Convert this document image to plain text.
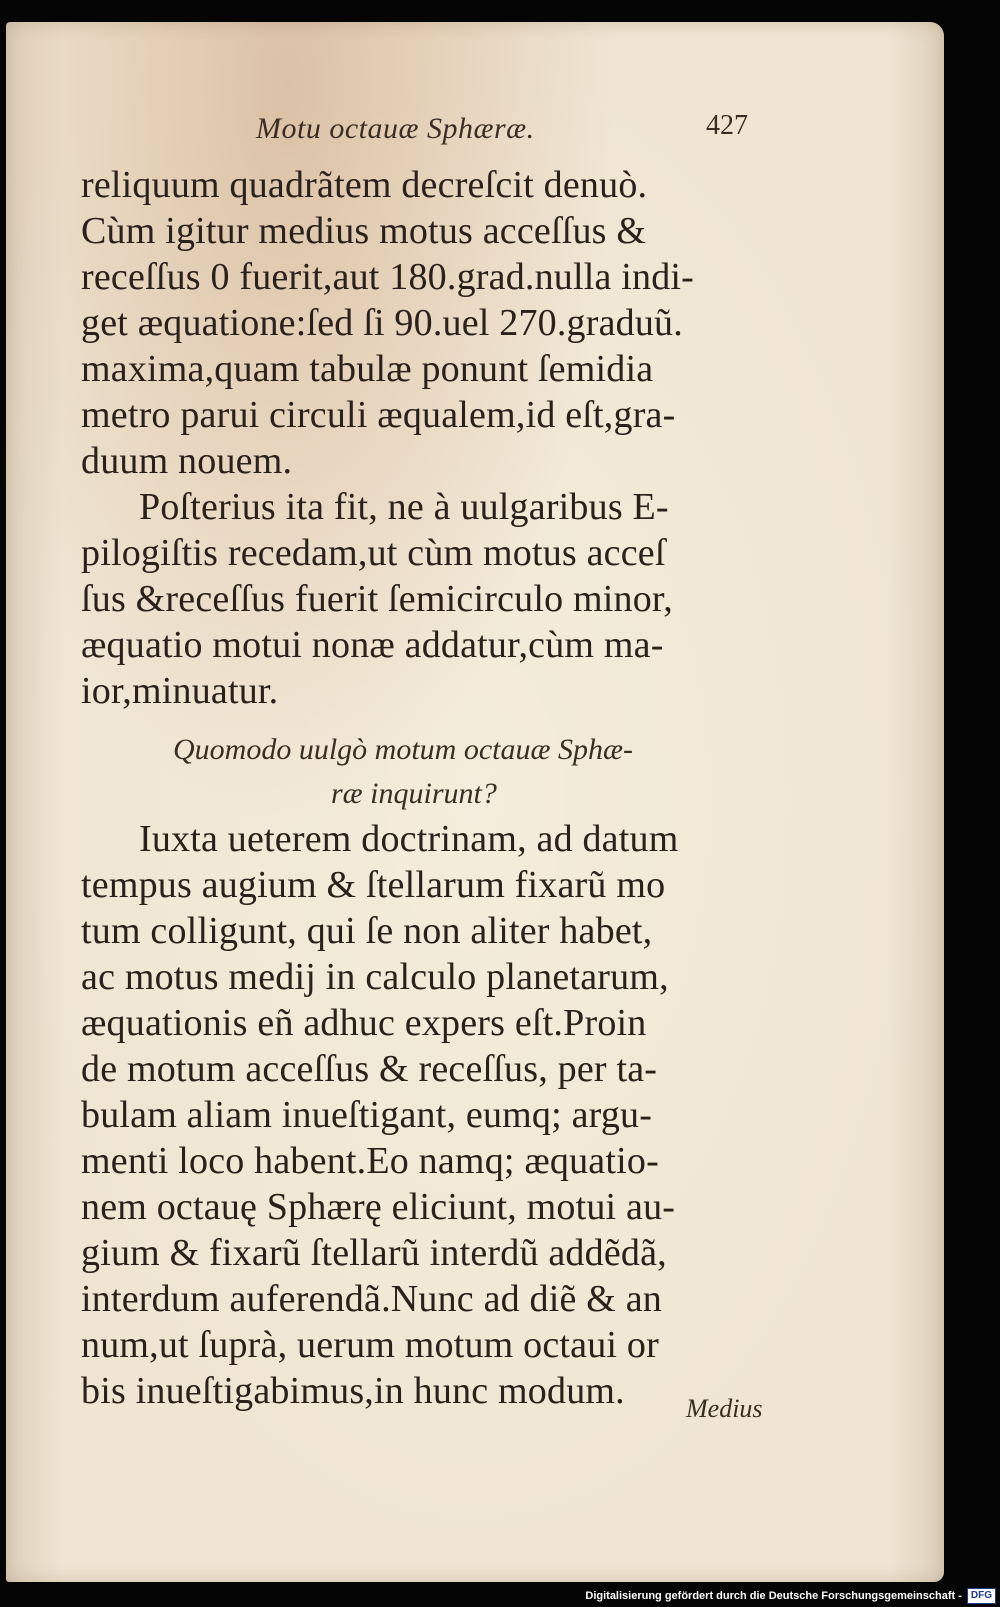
Motu octauæ Sphæræ.	427
reliquum quadrãtem decreſcit denuò.
Cùm igitur medius motus acceſſus &
receſſus 0 fuerit,aut 180.grad.nulla indi-
get æquatione:ſed ſi 90.uel 270.graduũ.
maxima,quam tabulæ ponunt ſemidia
metro parui circuli æqualem,id eſt,gra-
duum nouem.
Poſterius ita fit, ne à uulgaribus E-
pilogiſtis recedam,ut cùm motus acceſ
ſus &receſſus fuerit ſemicirculo minor,
æquatio motui nonæ addatur,cùm ma-
ior,minuatur.
Quomodo uulgò motum octauæ Sphæ-
ræ inquirunt?
Iuxta ueterem doctrinam, ad datum
tempus augium & ſtellarum fixarũ mo
tum colligunt, qui ſe non aliter habet,
ac motus medij in calculo planetarum,
æquationis eñ adhuc expers eſt.Proin
de motum acceſſus & receſſus, per ta-
bulam aliam inueſtigant, eumq; argu-
menti loco habent.Eo namq; æquatio-
nem octauę Sphærę eliciunt, motui au-
gium & fixarũ ſtellarũ interdũ addẽdã,
interdum auferendã.Nunc ad diẽ & an
num,ut ſuprà, uerum motum octaui or
bis inueſtigabimus,in hunc modum.	Medius
Digitalisierung gefördert durch die Deutsche Forschungsgemeinschaft - DFG
